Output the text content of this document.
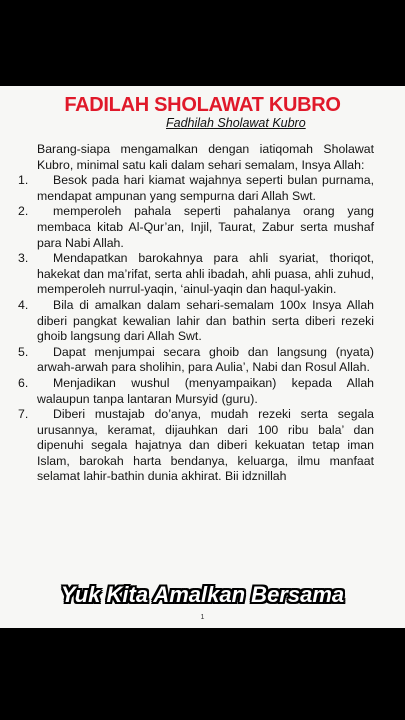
FADILAH SHOLAWAT KUBRO
Fadhilah Sholawat Kubro
Barang-siapa mengamalkan dengan iatiqomah Sholawat Kubro, minimal satu kali dalam sehari semalam, Insya Allah:
1.	Besok pada hari kiamat wajahnya seperti bulan purnama, mendapat ampunan yang sempurna dari Allah Swt.
2.	memperoleh pahala seperti pahalanya orang yang membaca kitab Al-Qur’an, Injil, Taurat, Zabur serta mushaf para Nabi Allah.
3.	Mendapatkan barokahnya para ahli syariat, thoriqot, hakekat dan ma’rifat, serta ahli ibadah, ahli puasa, ahli zuhud, memperoleh nurrul-yaqin, ‘ainul-yaqin dan haqul-yakin.
4.	Bila di amalkan dalam sehari-semalam 100x Insya Allah diberi pangkat kewalian lahir dan bathin serta diberi rezeki ghoib langsung dari Allah Swt.
5.	Dapat menjumpai secara ghoib dan langsung (nyata) arwah-arwah para sholihin, para Aulia’, Nabi dan Rosul Allah.
6.	Menjadikan wushul (menyampaikan) kepada Allah walaupun tanpa lantaran Mursyid (guru).
7.	Diberi mustajab do’anya, mudah rezeki serta segala urusannya, keramat, dijauhkan dari 100 ribu bala’ dan dipenuhi segala hajatnya dan diberi kekuatan tetap iman Islam, barokah harta bendanya, keluarga, ilmu manfaat selamat lahir-bathin dunia akhirat. Bii idznillah
Yuk Kita Amalkan Bersama
1
